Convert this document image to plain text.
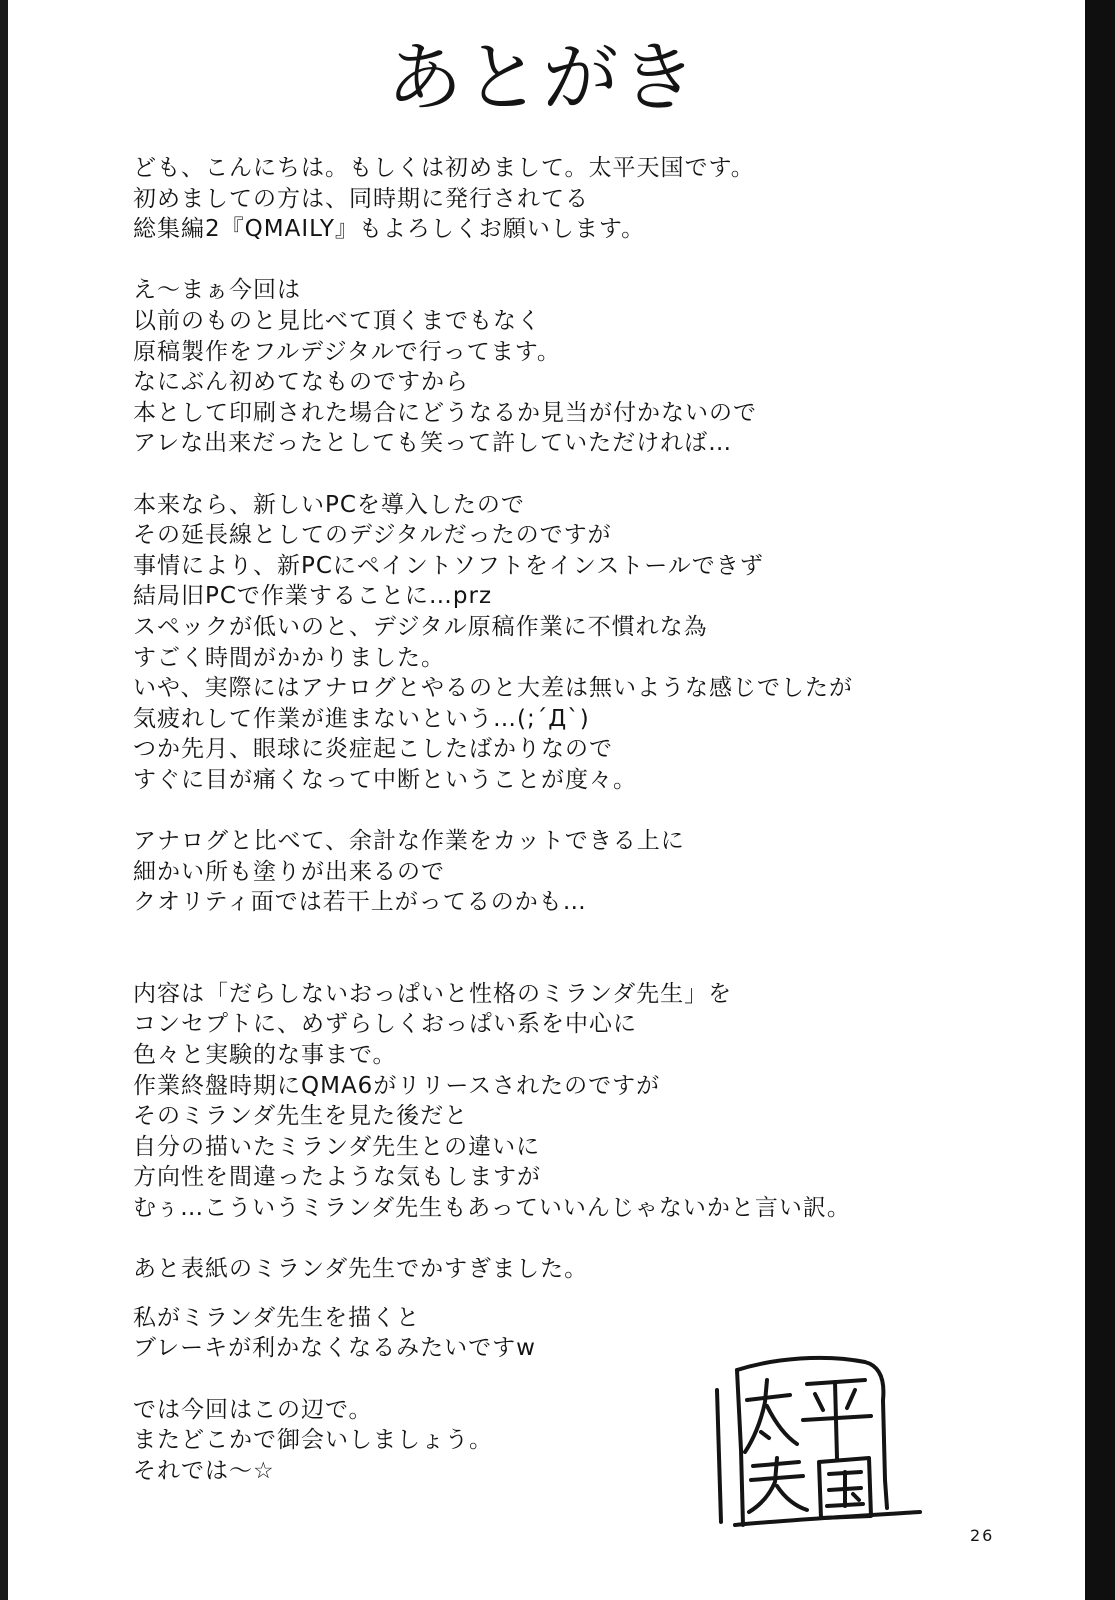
あとがき
ども、こんにちは。もしくは初めまして。太平天国です。
初めましての方は、同時期に発行されてる
総集編2『QMAILY』もよろしくお願いします。
え〜まぁ今回は
以前のものと見比べて頂くまでもなく
原稿製作をフルデジタルで行ってます。
なにぶん初めてなものですから
本として印刷された場合にどうなるか見当が付かないので
アレな出来だったとしても笑って許していただければ…
本来なら、新しいPCを導入したので
その延長線としてのデジタルだったのですが
事情により、新PCにペイントソフトをインストールできず
結局旧PCで作業することに…prz
スペックが低いのと、デジタル原稿作業に不慣れな為
すごく時間がかかりました。
いや、実際にはアナログとやるのと大差は無いような感じでしたが
気疲れして作業が進まないという…(;´Д`)
つか先月、眼球に炎症起こしたばかりなので
すぐに目が痛くなって中断ということが度々。
アナログと比べて、余計な作業をカットできる上に
細かい所も塗りが出来るので
クオリティ面では若干上がってるのかも…
内容は「だらしないおっぱいと性格のミランダ先生」を
コンセプトに、めずらしくおっぱい系を中心に
色々と実験的な事まで。
作業終盤時期にQMA6がリリースされたのですが
そのミランダ先生を見た後だと
自分の描いたミランダ先生との違いに
方向性を間違ったような気もしますが
むぅ…こういうミランダ先生もあっていいんじゃないかと言い訳。
あと表紙のミランダ先生でかすぎました。
私がミランダ先生を描くと
ブレーキが利かなくなるみたいですw
では今回はこの辺で。
またどこかで御会いしましょう。
それでは〜☆
26
